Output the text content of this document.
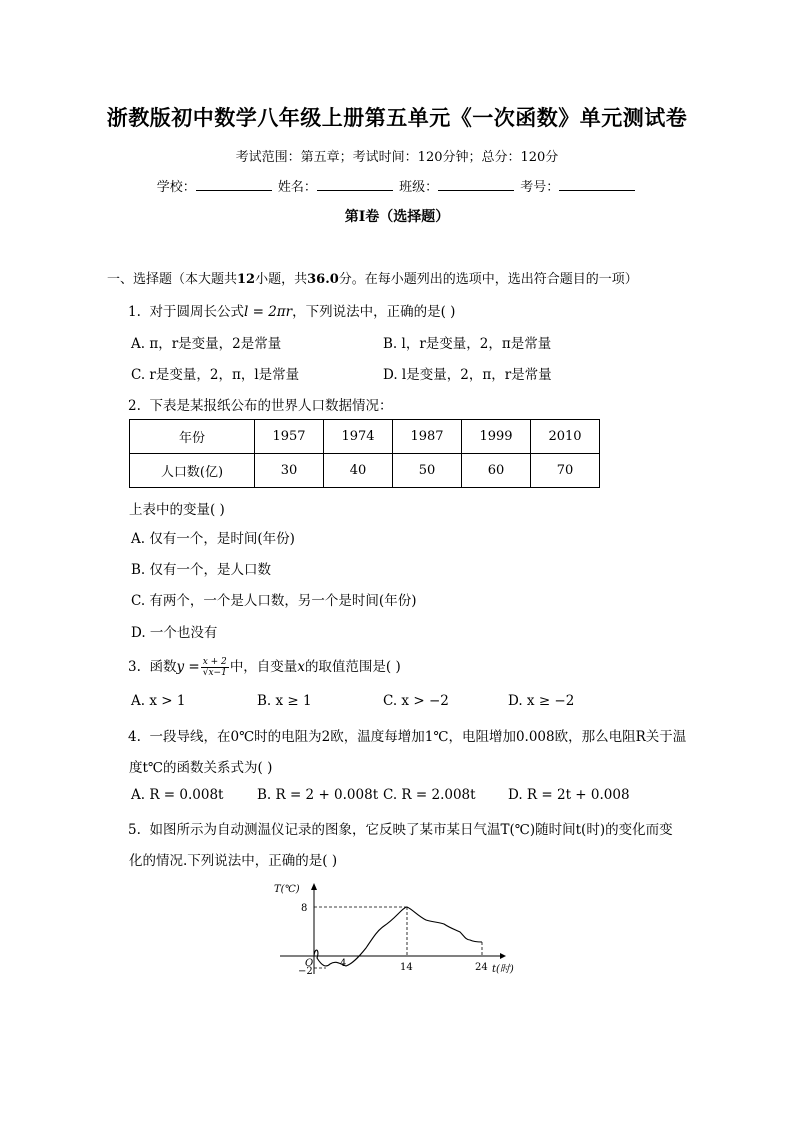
浙教版初中数学八年级上册第五单元《一次函数》单元测试卷
考试范围：第五章；考试时间：120分钟；总分：120分
学校：	姓名：	班级：	考号：
第I卷（选择题）
一、选择题（本大题共12小题，共36.0分。在每小题列出的选项中，选出符合题目的一项）
1. 对于圆周长公式l = 2πr，下列说法中，正确的是( )
A. π，r是变量，2是常量	B. l，r是变量，2，π是常量
C. r是变量，2，π，l是常量	D. l是变量，2，π，r是常量
2. 下表是某报纸公布的世界人口数据情况：
年份	1957	1974	1987	1999	2010
人口数(亿)	30	40	50	60	70
上表中的变量( )
A. 仅有一个，是时间(年份)
B. 仅有一个，是人口数
C. 有两个，一个是人口数，另一个是时间(年份)
D. 一个也没有
3. 函数$y = \frac{x + 2}{√x-1}$ 中，自变量x的取值范围是( )
A. x > 1	B. x ≥ 1	C. x > −2	D. x ≥ −2
4. 一段导线，在0℃时的电阻为2欧，温度每增加1℃，电阻增加0.008欧，那么电阻R关于温
度t℃的函数关系式为( )
A. R = 0.008t B. R = 2 + 0.008t C. R = 2.008t D. R = 2t + 0.008
5. 如图所示为自动测温仪记录的图象，它反映了某市某日气温T(℃)随时间t(时)的变化而变
化的情况.下列说法中，正确的是( )
T(℃)
t(时)
O
8
−2
4	14	24
